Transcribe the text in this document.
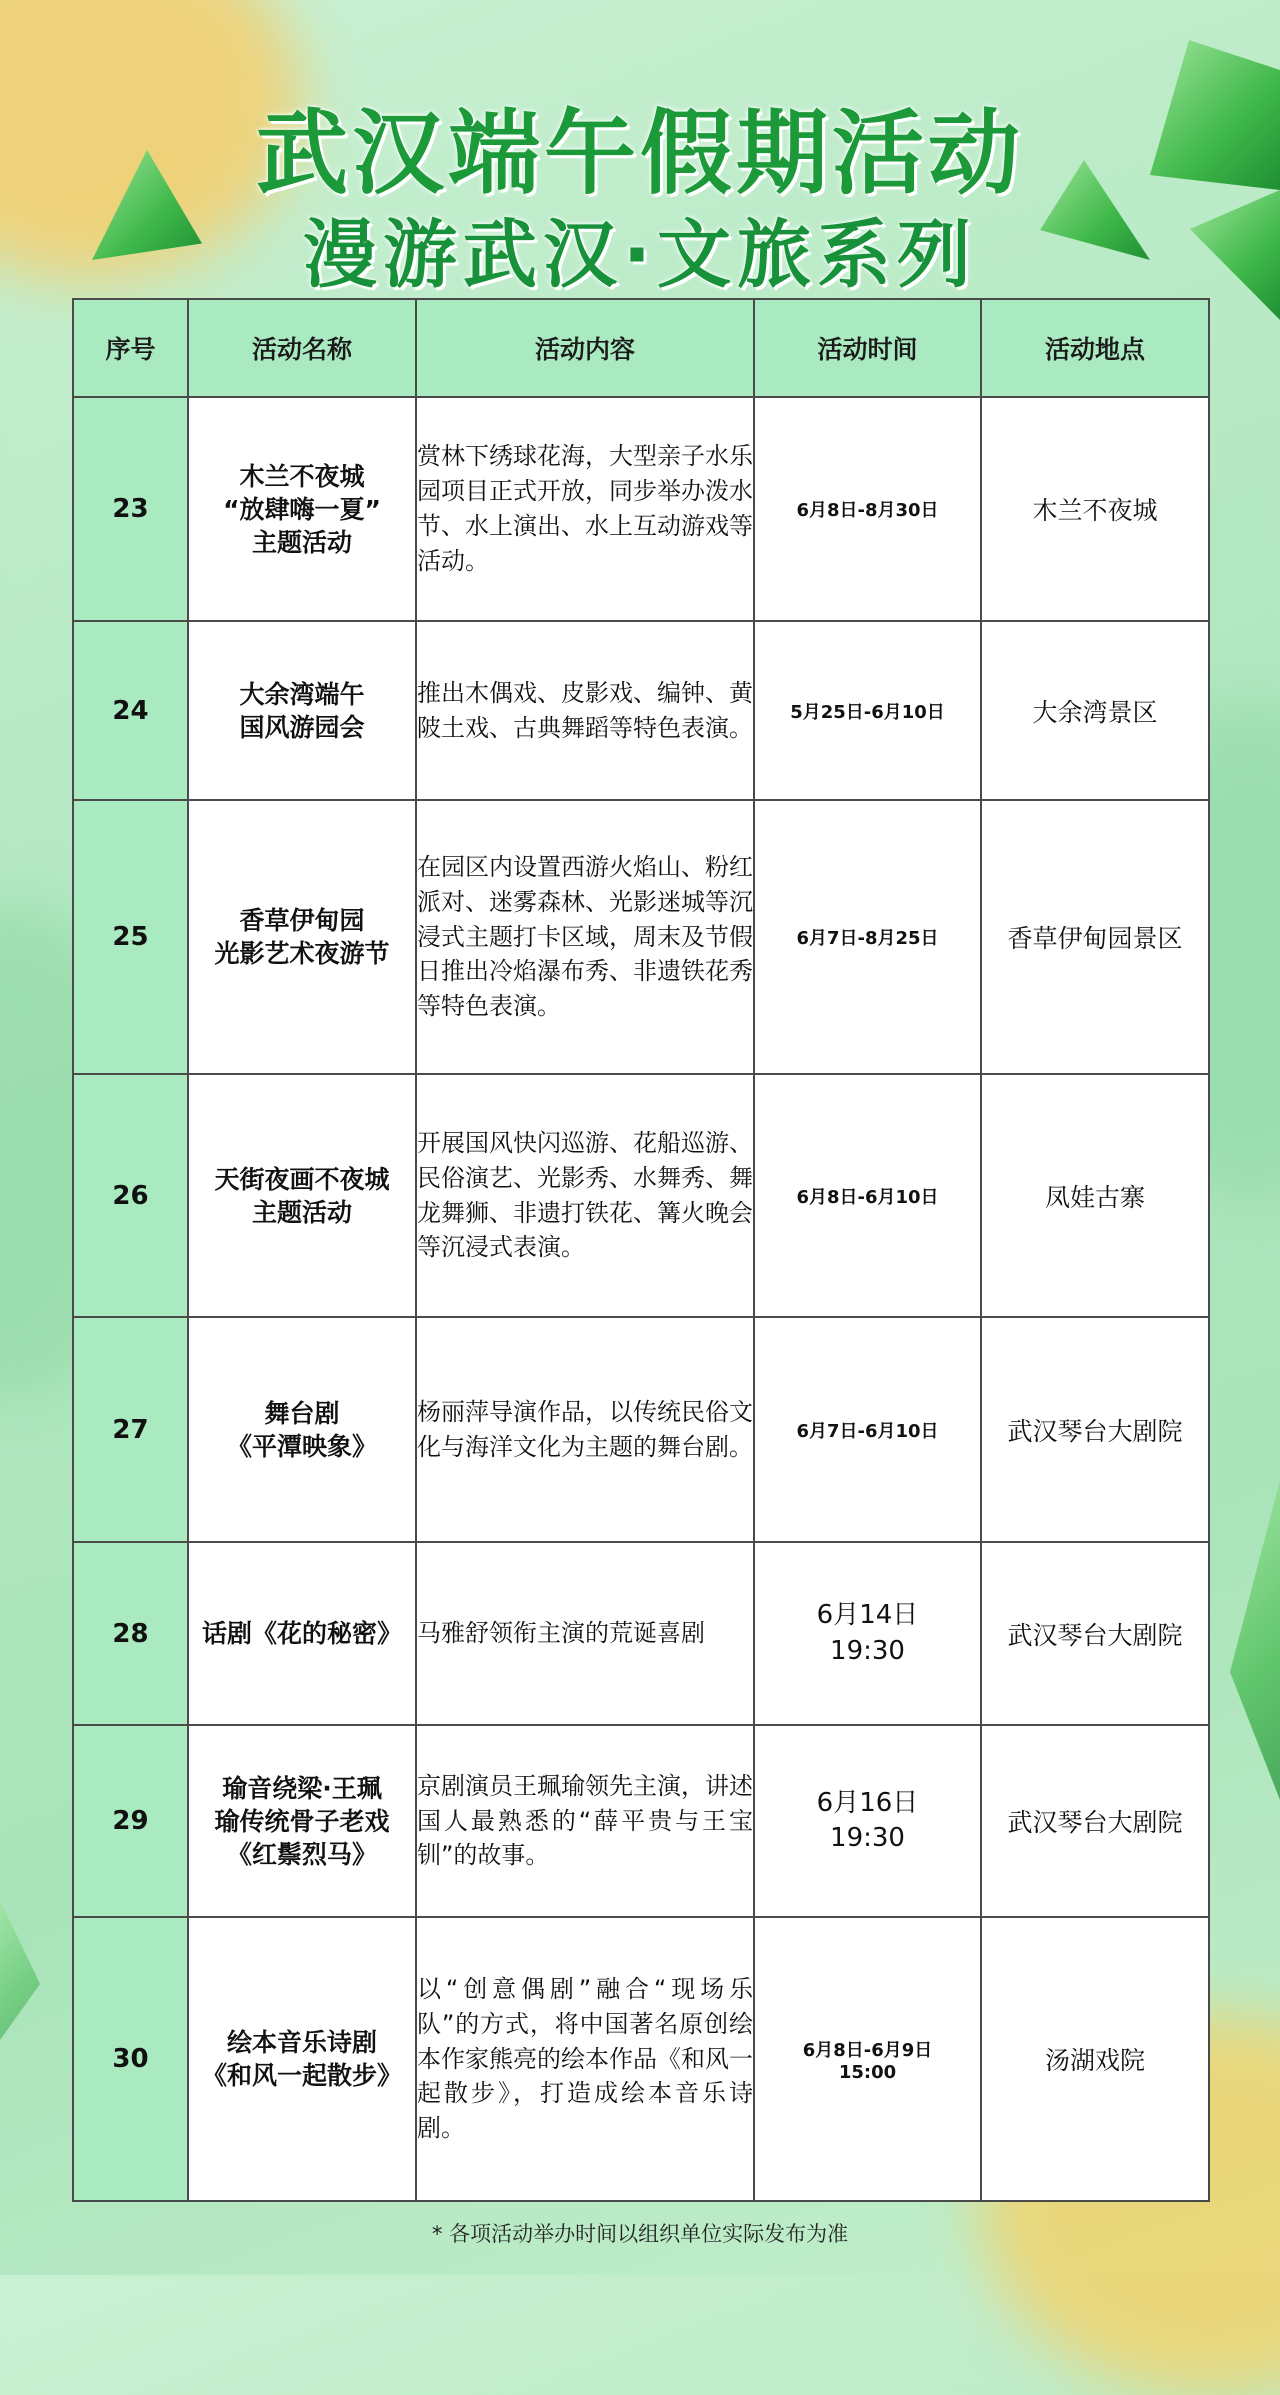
武汉端午假期活动
漫游武汉·文旅系列
序号	活动名称	活动内容	活动时间	活动地点
23	木兰不夜城
“放肆嗨一夏”
主题活动	赏林下绣球花海，大型亲子水乐园项目正式开放，同步举办泼水节、水上演出、水上互动游戏等活动。	6月8日-8月30日	木兰不夜城
24	大余湾端午
国风游园会	推出木偶戏、皮影戏、编钟、黄陂土戏、古典舞蹈等特色表演。	5月25日-6月10日	大余湾景区
25	香草伊甸园
光影艺术夜游节	在园区内设置西游火焰山、粉红派对、迷雾森林、光影迷城等沉浸式主题打卡区域，周末及节假日推出冷焰瀑布秀、非遗铁花秀等特色表演。	6月7日-8月25日	香草伊甸园景区
26	天街夜画不夜城
主题活动	开展国风快闪巡游、花船巡游、民俗演艺、光影秀、水舞秀、舞龙舞狮、非遗打铁花、篝火晚会等沉浸式表演。	6月8日-6月10日	凤娃古寨
27	舞台剧
《平潭映象》	杨丽萍导演作品，以传统民俗文化与海洋文化为主题的舞台剧。	6月7日-6月10日	武汉琴台大剧院
28	话剧《花的秘密》	马雅舒领衔主演的荒诞喜剧	6月14日
19:30	武汉琴台大剧院
29	瑜音绕梁·王珮
瑜传统骨子老戏
《红鬃烈马》	京剧演员王珮瑜领先主演，讲述国人最熟悉的“薛平贵与王宝钏”的故事。	6月16日
19:30	武汉琴台大剧院
30	绘本音乐诗剧
《和风一起散步》	以“创意偶剧”融合“现场乐队”的方式，将中国著名原创绘本作家熊亮的绘本作品《和风一起散步》，打造成绘本音乐诗剧。	6月8日-6月9日
15:00	汤湖戏院
* 各项活动举办时间以组织单位实际发布为准
